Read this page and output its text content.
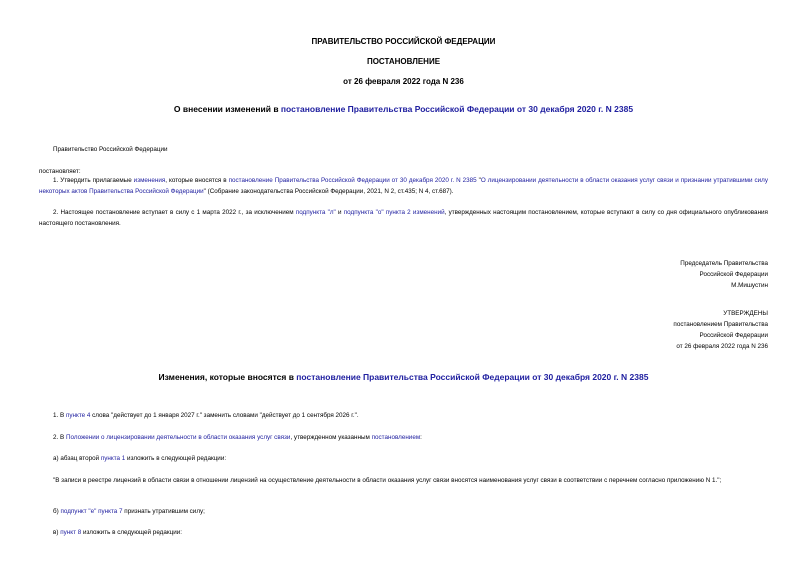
ПРАВИТЕЛЬСТВО РОССИЙСКОЙ ФЕДЕРАЦИИ
ПОСТАНОВЛЕНИЕ
от 26 февраля 2022 года N 236
О внесении изменений в постановление Правительства Российской Федерации от 30 декабря 2020 г. N 2385
Правительство Российской Федерации
постановляет:
1. Утвердить прилагаемые изменения, которые вносятся в постановление Правительства Российской Федерации от 30 декабря 2020 г. N 2385 "О лицензировании деятельности в области оказания услуг связи и признании утратившими силу некоторых актов Правительства Российской Федерации" (Собрание законодательства Российской Федерации, 2021, N 2, ст.435; N 4, ст.687).
2. Настоящее постановление вступает в силу с 1 марта 2022 г., за исключением подпункта "л" и подпункта "о" пункта 2 изменений, утвержденных настоящим постановлением, которые вступают в силу со дня официального опубликования настоящего постановления.
Председатель Правительства
Российской Федерации
М.Мишустин
УТВЕРЖДЕНЫ
постановлением Правительства
Российской Федерации
от 26 февраля 2022 года N 236
Изменения, которые вносятся в постановление Правительства Российской Федерации от 30 декабря 2020 г. N 2385
1. В пункте 4 слова "действует до 1 января 2027 г." заменить словами "действует до 1 сентября 2026 г.".
2. В Положении о лицензировании деятельности в области оказания услуг связи, утвержденном указанным постановлением:
а) абзац второй пункта 1 изложить в следующей редакции:
"В записи в реестре лицензий в области связи в отношении лицензий на осуществление деятельности в области оказания услуг связи вносятся наименования услуг связи в соответствии с перечнем согласно приложению N 1.";
б) подпункт "е" пункта 7 признать утратившим силу;
в) пункт 8 изложить в следующей редакции:
